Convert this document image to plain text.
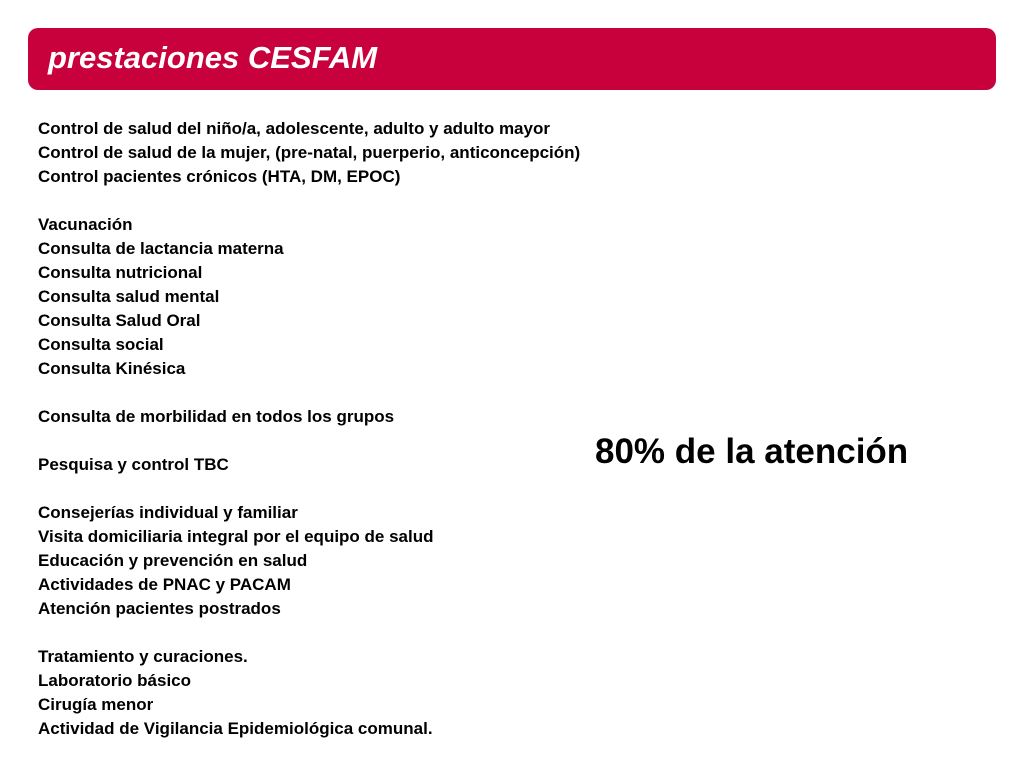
prestaciones CESFAM
Control de salud del niño/a, adolescente, adulto y adulto mayor
Control de salud de la mujer, (pre-natal, puerperio, anticoncepción)
Control pacientes crónicos (HTA, DM, EPOC)
Vacunación
Consulta de lactancia materna
Consulta nutricional
Consulta salud mental
Consulta Salud Oral
Consulta social
Consulta Kinésica
Consulta de morbilidad en todos los grupos
Pesquisa y control TBC
Consejerías individual y familiar
Visita domiciliaria integral por el equipo de salud
Educación y prevención en salud
Actividades de PNAC y PACAM
Atención pacientes postrados
Tratamiento y curaciones.
Laboratorio básico
Cirugía menor
Actividad de Vigilancia Epidemiológica comunal.
80% de la atención
